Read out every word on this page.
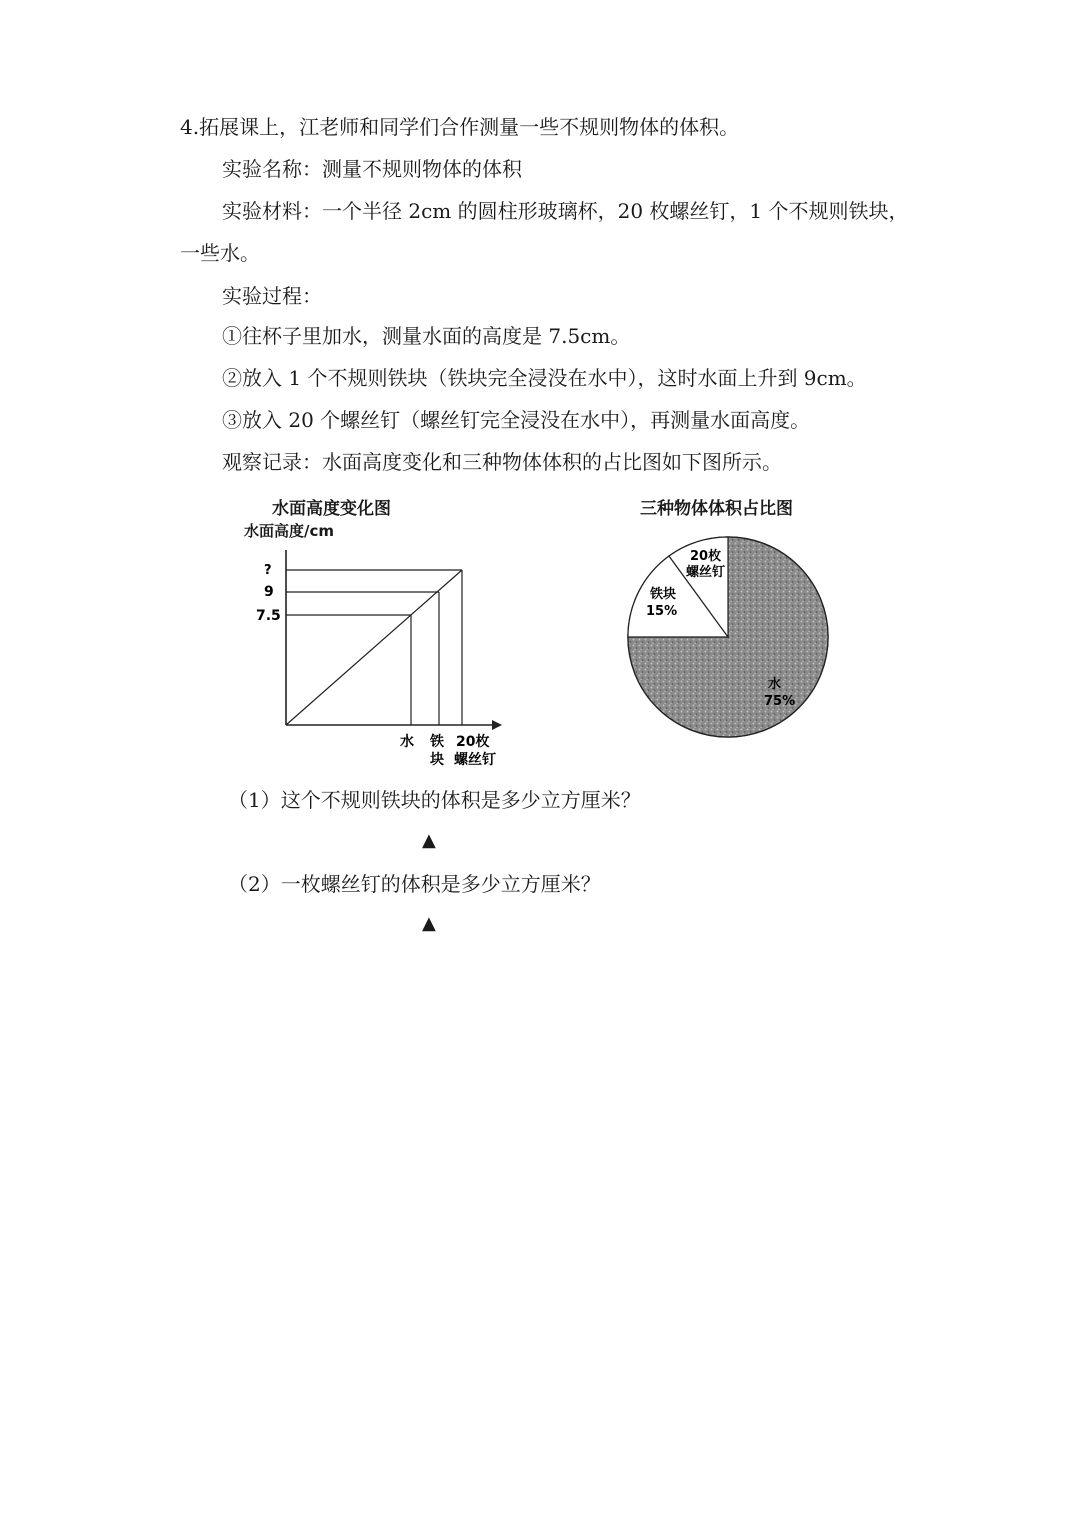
4.拓展课上，江老师和同学们合作测量一些不规则物体的体积。
实验名称：测量不规则物体的体积
实验材料：一个半径 2cm 的圆柱形玻璃杯，20 枚螺丝钉，1 个不规则铁块，
一些水。
实验过程：
①往杯子里加水，测量水面的高度是 7.5cm。
②放入 1 个不规则铁块（铁块完全浸没在水中），这时水面上升到 9cm。
③放入 20 个螺丝钉（螺丝钉完全浸没在水中），再测量水面高度。
观察记录：水面高度变化和三种物体体积的占比图如下图所示。
水面高度变化图
水面高度/cm
?
9
7.5
水 铁
块
20枚
螺丝钉
三种物体体积占比图
20枚
螺丝钉
铁块
15%
水
75%
（1）这个不规则铁块的体积是多少立方厘米？
▲
（2）一枚螺丝钉的体积是多少立方厘米？
▲
